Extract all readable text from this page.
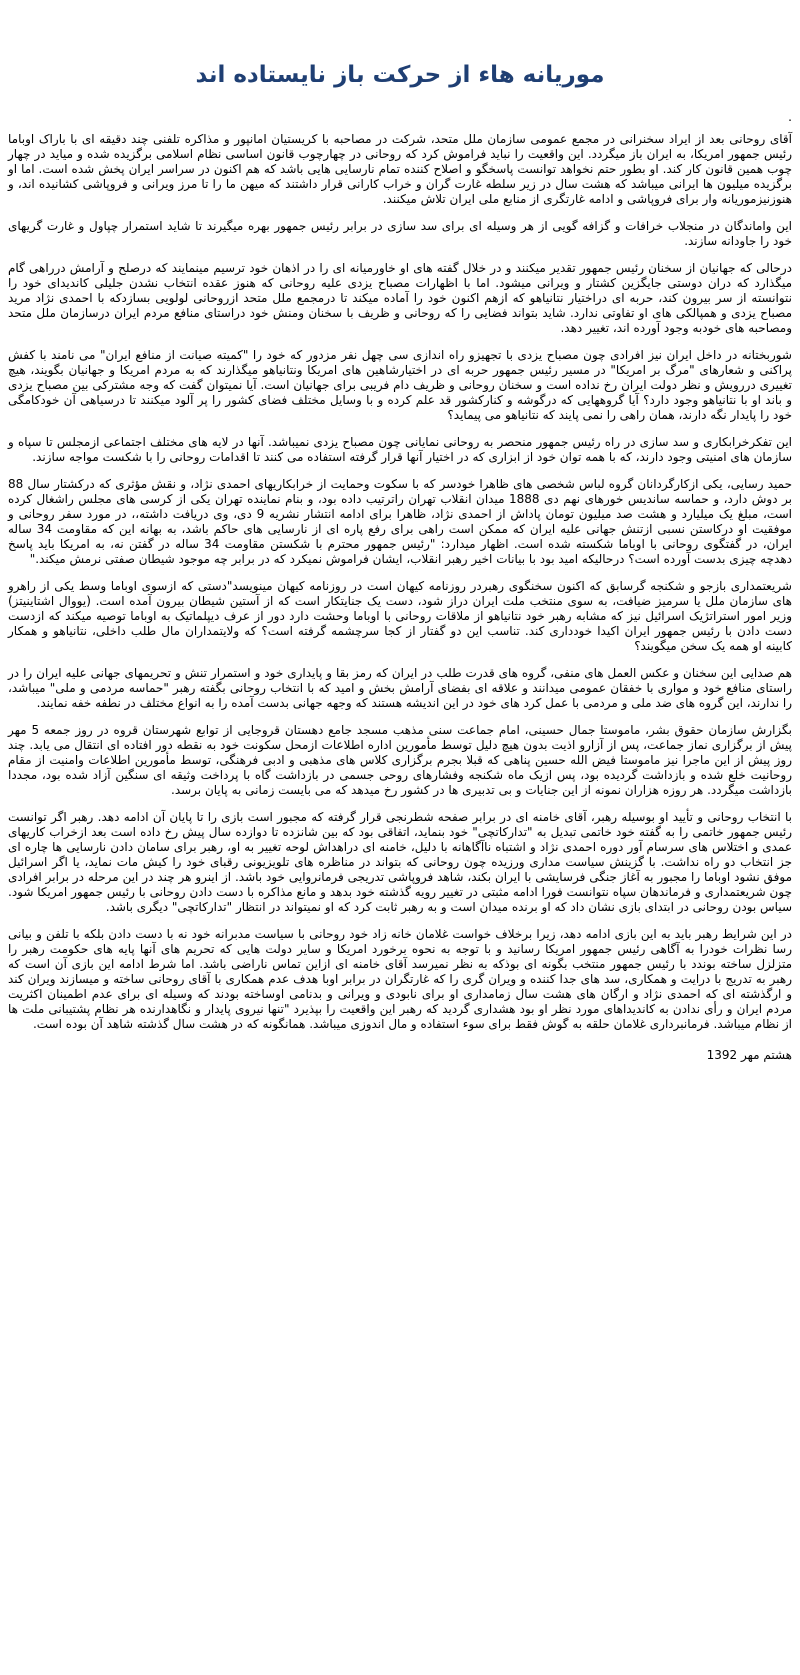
موریانه هاء از حرکت باز نایستاده اند
.

آقای روحانی بعد از ایراد سخنرانی در مجمع عمومی سازمان ملل متحد، شرکت در مصاحبه با کریستیان امانپور و مذاکره تلفنی چند دقیقه ای با باراک اوباما رئیس جمهور امریکا، به ایران باز میگردد. این واقعیت را نباید فراموش کرد که روحانی در چهارچوب قانون اساسی نظام اسلامی برگزیده شده و میاید در چهار چوب همین قانون کار کند. او بطور حتم نخواهد توانست پاسخگو و اصلاح کننده تمام نارسایی هایی باشد که هم اکنون در سراسر ایران پخش شده است. اما او برگزیده میلیون ها ایرانی میباشد که هشت سال در زیر سلطه غارت گران و خراب کارانی قرار داشتند که میهن ما را تا مرز ویرانی و فروپاشی کشانیده اند، و هنوزنیزموریانه وار برای فروپاشی و ادامه غارتگری از منابع ملی ایران تلاش میکنند.

این واماندگان در منجلاب خرافات و گزافه گویی از هر وسیله ای برای سد سازی در برابر رئیس جمهور بهره میگیرند تا شاید استمرار چپاول و غارت گریهای خود را جاودانه سازند.

درحالی که جهانیان از سخنان رئیس جمهور تقدیر میکنند و در خلال گفته های او خاورمیانه ای را در اذهان خود ترسیم مینمایند که درصلح و آرامش درراهی گام میگذارد که دران دوستی جایگزین کشتار و ویرانی میشود. اما با اظهارات مصباح یزدی علیه روحانی که هنوز عقده انتخاب نشدن جلیلی کاندیدای خود را نتوانسته از سر بیرون کند، حربه ای دراختیار نتانیاهو که ازهم اکنون خود را آماده میکند تا درمجمع ملل متحد ازروحانی لولویی بسازدکه با احمدی نژاد مرید مصباح یزدی و همپالکی های او تفاوتی ندارد. شاید بتواند فضایی را که روحانی و ظریف با سخنان ومنش خود دراستای منافع مردم ایران درسازمان ملل متحد ومصاحبه های خودبه وجود آورده اند، تغییر دهد.

شوربختانه در داخل ایران نیز افرادی چون مصباح یزدی با تجهیزو راه اندازی سی چهل نفر مزدور که خود را "کمیته صیانت از منافع ایران" می نامند با کفش پراکنی و شعارهای "مرگ بر امریکا" در مسیر رئیس جمهور حربه ای در اختیارشاهین های امریکا ونتانیاهو میگذارند که به مردم امریکا و جهانیان بگویند، هیچ تغییری دررویش و نظر دولت ایران رخ نداده است و سخنان روحانی و ظریف دام فریبی برای جهانیان است. آیا نمیتوان گفت که وجه مشترکی بین مصباح یزدی و باند او با نتانیاهو وجود دارد؟ آیا گروههایی که درگوشه و کنارکشور قد علم کرده و با وسایل مختلف فضای کشور را پر آلود میکنند تا درسیاهی آن خودکامگی خود را پایدار نگه دارند، همان راهی را نمی پایند که نتانیاهو می پیماید؟

این تفکرخرابکاری و سد سازی در راه رئیس جمهور منحصر به روحانی نمایانی چون مصباح یزدی نمیباشد. آنها در لایه های مختلف اجتماعی ازمجلس تا سپاه و سازمان های امنیتی وجود دارند، که با همه توان خود از ابزاری که در اختیار آنها قرار گرفته استفاده می کنند تا اقدامات روحانی را با شکست مواجه سازند.

حمید رسایی، یکی ازکارگردانان گروه لباس شخصی های ظاهرا خودسر که با سکوت وحمایت از خرابکاریهای احمدی نژاد، و نقش مؤثری که درکشتار سال 88 بر دوش دارد، و حماسه ساندیس خورهای نهم دی 1888 میدان انقلاب تهران راترتیب داده بود، و بنام نماینده تهران یکی از کرسی های مجلس راشغال کرده است، مبلغ یک میلیارد و هشت صد میلیون تومان پاداش از احمدی نژاد، ظاهرا برای ادامه انتشار نشریه 9 دی، وی دریافت داشته،، در مورد سفر روحانی و موفقیت او درکاستن نسبی ازتنش جهانی علیه ایران که ممکن است راهی برای رفع پاره ای از نارسایی های حاکم باشد، به بهانه این که مقاومت 34 ساله ایران، در گفتگوی روحانی با اوباما شکسته شده است. اظهار میدارد: "رئیس جمهور محترم با شکستن مقاومت 34 ساله در گفتن نه، به امریکا باید پاسخ دهدچه چیزی بدست آورده است؟ درحالیکه امید بود با بیانات اخیر رهبر انقلاب، ایشان فراموش نمیکرد که در برابر چه موجود شیطان صفتی نرمش میکند."

شریعتمداری بازجو و شکنجه گرسابق که اکنون سخنگوی رهبردر روزنامه کیهان است در روزنامه کیهان مینویسد"دستی که ازسوی اوباما وسط یکی از راهرو های سازمان ملل یا سرمیز ضیافت، به سوی منتخب ملت ایران دراز شود، دست یک جنایتکار است که از آستین شیطان بیرون آمده است. (یووال اشتاینیتز) وزیر امور استراتژیک اسرائیل نیز که مشابه رهبر خود نتانیاهو از ملاقات روحانی با اوباما وحشت دارد دور از عرف دیپلماتیک به اوباما توصیه میکند که ازدست دست دادن با رئیس جمهور ایران اکیدا خودداری کند. تناسب این دو گفتار از کجا سرچشمه گرفته است؟ که ولایتمداران مال طلب داخلی، نتانیاهو و همکار کابینه او همه یک سخن میگویند؟

هم صدایی این سخنان و عکس العمل های منفی، گروه های قدرت طلب در ایران که رمز بقا و پایداری خود و استمرار تنش و تحریمهای جهانی علیه ایران را در راستای منافع خود و مواری با خفقان عمومی میدانند و علاقه ای بفضای آرامش بخش و امید که با انتخاب روحانی بگفته رهبر "حماسه مردمی و ملی" میباشد، را ندارند، این گروه های ضد ملی و مردمی با عمل کرد های خود در این اندیشه هستند که وجهه جهانی بدست آمده را به انواع مختلف در نطفه خفه نمایند.

بگزارش سازمان حقوق بشر، ماموستا جمال حسینی، امام جماعت سنی مذهب مسجد جامع دهستان قروجایی از توابع شهرستان قروه در روز جمعه 5 مهر پیش از برگزاری نماز جماعت، پس از آزارو اذیت بدون هیچ دلیل توسط مأمورین اداره اطلاعات ازمحل سکونت خود به نقطه دور افتاده ای انتقال می یابد. چند روز پیش از این ماجرا نیز ماموستا فیض الله حسین پناهی که قبلا بجرم برگزاری کلاس های مذهبی و ادبی فرهنگی، توسط مأمورین اطلاعات وامنیت از مقام روحانیت خلع شده و بازداشت گردیده بود، پس ازیک ماه شکنجه وفشارهای روحی جسمی در بازداشت گاه با پرداخت وثیقه ای سنگین آزاد شده بود، مجددا بازداشت میگردد. هر روزه هزاران نمونه از این جنایات و بی تدبیری ها در کشور رخ میدهد که می بایست زمانی به پایان برسد.

با انتخاب روحانی و تأیید او بوسیله رهبر، آقای خامنه ای در برابر صفحه شطرنجی قرار گرفته که مجبور است بازی را تا پایان آن ادامه دهد. رهبر اگر توانست رئیس جمهور خاتمی را به گفته خود خاتمی تبدیل به "تدارکاتچی" خود بنماید، اتفاقی بود که بین شانزده تا دوازده سال پیش رخ داده است بعد ازخراب کاریهای عمدی و اختلاس های سرسام آور دوره احمدی نژاد و اشتباه ناآگاهانه با دلیل، خامنه ای دراهداش لوحه تغییر به او، رهبر برای سامان دادن نارسایی ها چاره ای جز انتخاب دو راه نداشت. با گزینش سیاست مداری ورزیده چون روحانی که بتواند در مناظره های تلویزیونی رقبای خود را کیش مات نماید، یا اگر اسرائیل موفق نشود اوباما را مجبور به آغاز جنگی فرسایشی با ایران بکند، شاهد فروپاشی تدریجی فرمانروایی خود باشد. از اینرو هر چند در این مرحله در برابر افرادی چون شریعتمداری و فرماندهان سپاه نتوانست فورا ادامه مثبتی در تغییر رویه گذشته خود بدهد و مانع مذاکره با دست دادن روحانی با رئیس جمهور امریکا شود. سیاس بودن روحانی در ابتدای بازی نشان داد که او برنده میدان است و به رهبر ثابت کرد که او نمیتواند در انتظار "تدارکاتچی" دیگری باشد.

در این شرایط رهبر باید به این بازی ادامه دهد، زیرا برخلاف خواست غلامان خانه زاد خود روحانی با سیاست مدبرانه خود نه با دست دادن بلکه با تلفن و بیانی رسا نظرات خودرا به آگاهی رئیس جمهور امریکا رسانید و با توجه به نحوه برخورد امریکا و سایر دولت هایی که تحریم های آنها پایه های حکومت رهبر را متزلزل ساخته بوندد با رئیس جمهور منتخب بگونه ای بوذکه به نظر نمیرسد آقای خامنه ای ازاین تماس ناراضی باشد. اما شرط ادامه این بازی آن است که رهبر به تدریج با درایت و همکاری، سد های جدا کننده و ویران گری را که غارتگران در برابر اوبا هدف عدم همکاری با آقای روحانی ساخته و میسازند ویران کند و ارگذشته ای که احمدی نژاد و ارگان های هشت سال زمامداری او برای نابودی و ویرانی و بدنامی اوساخته بودند که وسیله ای برای عدم اطمینان اکثریت مردم ایران و رأی ندادن به کاندیداهای مورد نظر او بود هشداری گردید که رهبر این واقعیت را بپذیرد "تنها نیروی پایدار و نگاهدارنده هر نظام پشتیبانی ملت ها از نظام میباشد. فرمانبرداری غلامان حلقه به گوش فقط برای سوء استفاده و مال اندوزی میباشد. همانگونه که در هشت سال گذشته شاهد آن بوده است.

هشتم مهر 1392
